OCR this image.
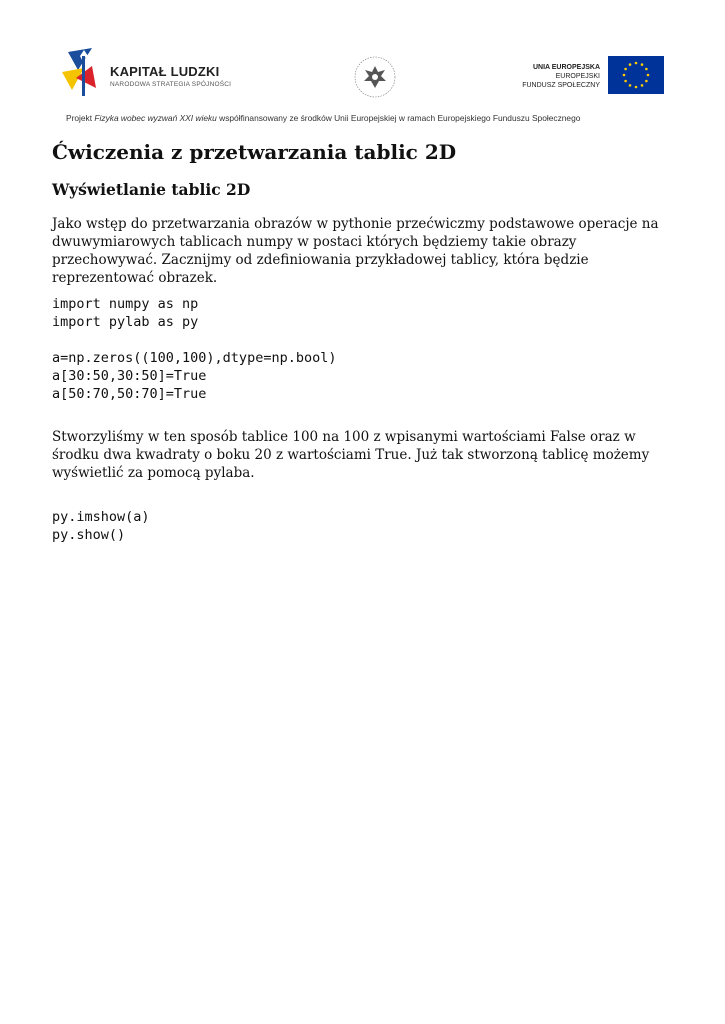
KAPITAŁ LUDZKI
NARODOWA STRATEGIA SPÓJNOŚCI
UNIA EUROPEJSKA
EUROPEJSKI
FUNDUSZ SPOŁECZNY
Projekt Fizyka wobec wyzwań XXI wieku współfinansowany ze środków Unii Europejskiej w ramach Europejskiego Funduszu Społecznego
Ćwiczenia z przetwarzania tablic 2D
Wyświetlanie tablic 2D

Jako wstęp do przetwarzania obrazów w pythonie przećwiczmy podstawowe operacje na dwuwymiarowych tablicach numpy w postaci których będziemy takie obrazy przechowywać. Zacznijmy od zdefiniowania przykładowej tablicy, która będzie reprezentować obrazek.

import numpy as np
import pylab as py

a=np.zeros((100,100),dtype=np.bool)
a[30:50,30:50]=True
a[50:70,50:70]=True

Stworzyliśmy w ten sposób tablice 100 na 100 z wpisanymi wartościami False oraz w środku dwa kwadraty o boku 20 z wartościami True. Już tak stworzoną tablicę możemy wyświetlić za pomocą pylaba.

py.imshow(a)
py.show()
